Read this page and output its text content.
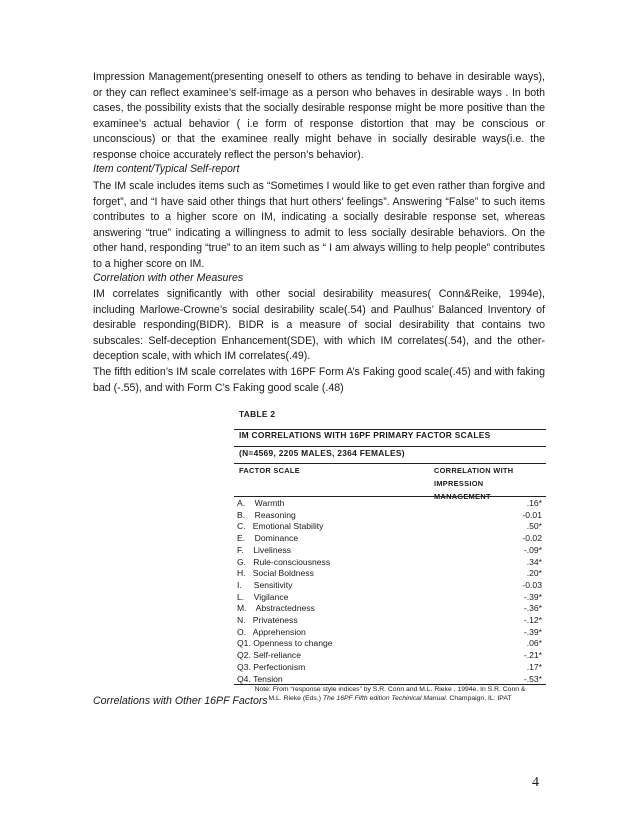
Impression Management(presenting oneself to others as tending to behave in desirable ways), or they can reflect examinee’s self-image as a person who behaves in desirable ways . In both cases, the possibility exists that the socially desirable response might be more positive than the examinee’s actual behavior ( i.e form of response distortion that may be conscious or unconscious) or that the examinee really might behave in socially desirable ways(i.e. the response choice accurately reflect the person’s behavior).

Item content/Typical Self-report

The IM scale includes items such as “Sometimes I would like to get even rather than forgive and forget”, and “I have said other things that hurt others’ feelings”. Answering “False” to such items contributes to a higher score on IM, indicating a socially desirable response set, whereas answering “true” indicating a willingness to admit to less socially desirable behaviors. On the other hand, responding “true” to an item such as “ I am always willing to help people” contributes to a higher score on IM.

Correlation with other Measures

IM correlates significantly with other social desirability measures( Conn&Reike, 1994e), including Marlowe-Crowne’s social desirability scale(.54) and Paulhus’ Balanced Inventory of desirable responding(BIDR). BIDR is a measure of social desirability that contains two subscales: Self-deception Enhancement(SDE), with which IM correlates(.54), and the other-deception scale, with which IM correlates(.49).

The fifth edition’s IM scale correlates with 16PF Form A’s Faking good scale(.45) and with faking bad (-.55), and with Form C’s Faking good scale (.48)

TABLE 2
IM CORRELATIONS WITH 16PF PRIMARY FACTOR SCALES
(N=4569, 2205 MALES, 2364 FEMALES)
FACTOR SCALE	CORRELATION WITH
IMPRESSION
MANAGEMENT
A.    Warmth	.16*
B.    Reasoning	-0.01
C.   Emotional Stability	.50*
E.    Dominance	-0.02
F.    Liveliness	-.09*
G.   Rule-consciousness	.34*
H.   Social Boldness	.20*
I.     Sensitivity	-0.03
L.    Vigilance	-.39*
M.    Abstractedness	-.36*
N.   Privateness	-.12*
O.   Apprehension	-.39*
Q1. Openness to change	.06*
Q2. Self-reliance	-.21*
Q3. Perfectionism	.17*
Q4. Tension	-.53*
Note: From “response style indices” by S.R. Conn and M.L. Rieke , 1994e. In S.R. Conn &
M.L. Rieke (Eds.) The 16PF Fifth edition Techinical Manual. Champaign, IL: IPAT

Correlations with Other 16PF Factors

4
